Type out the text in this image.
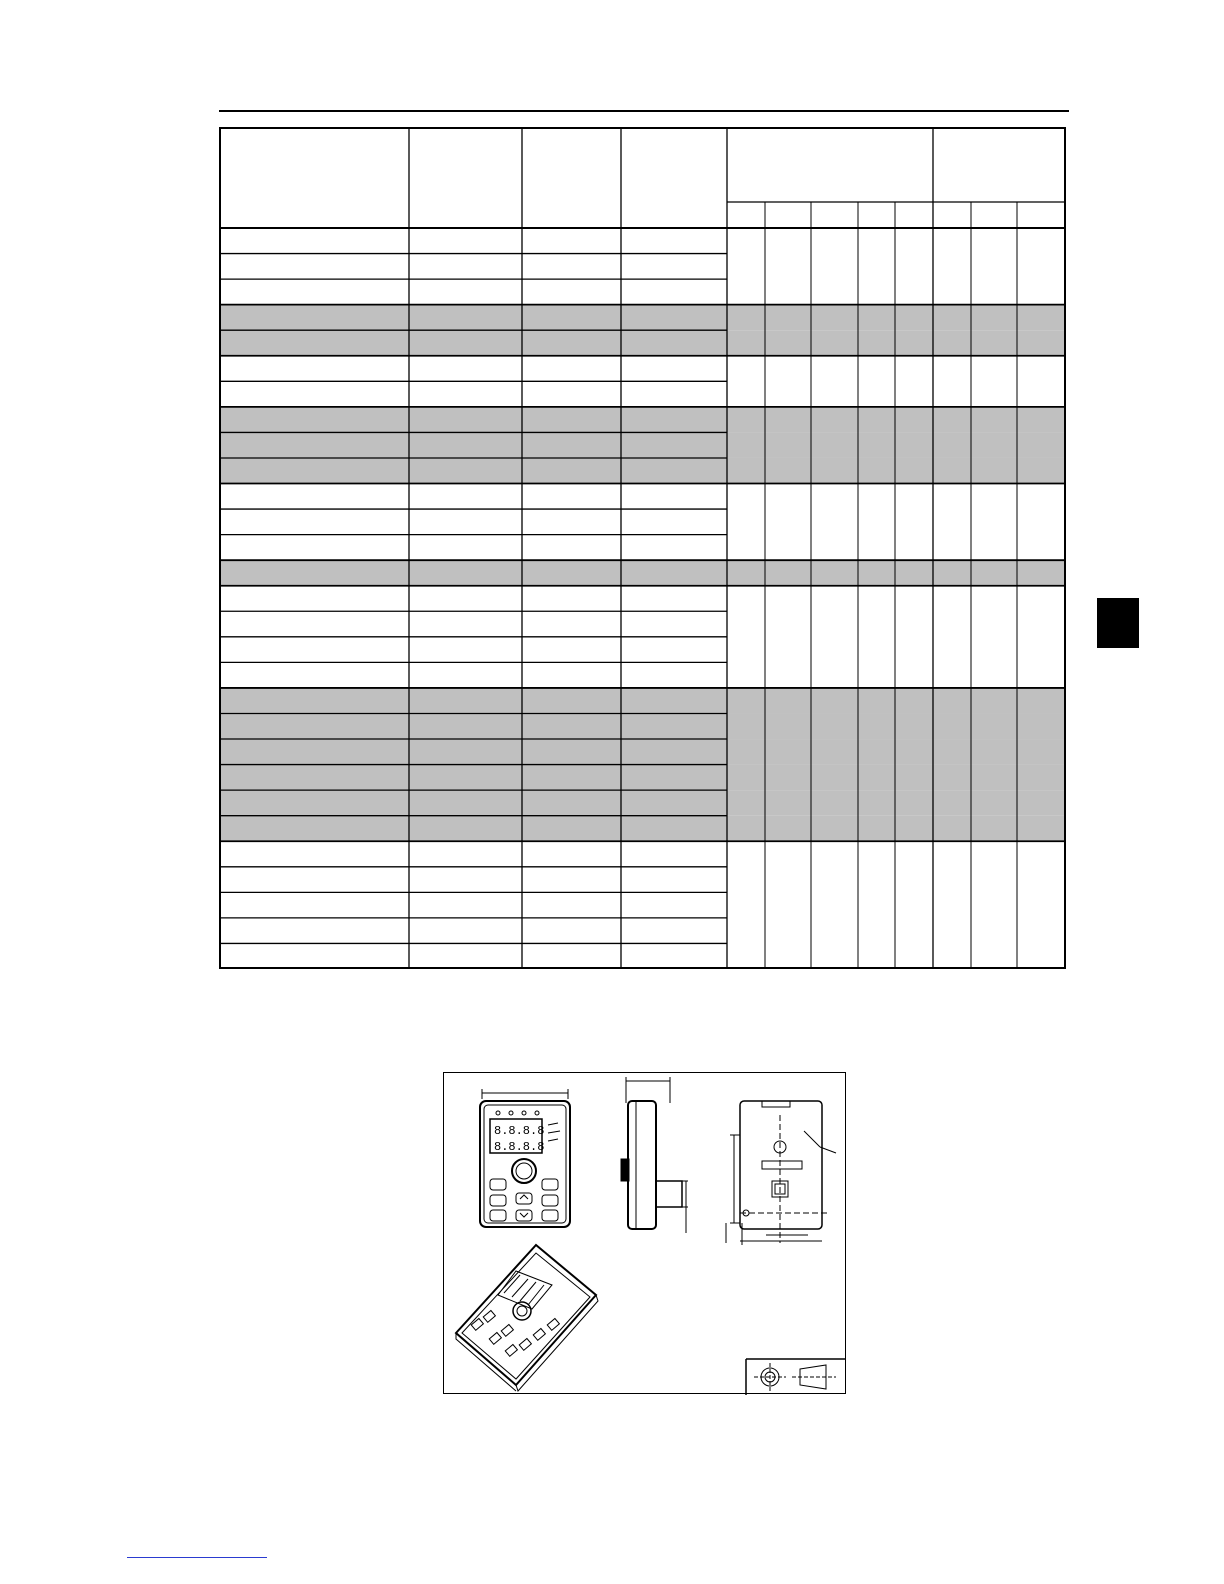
8.8.8.8
8.8.8.8
